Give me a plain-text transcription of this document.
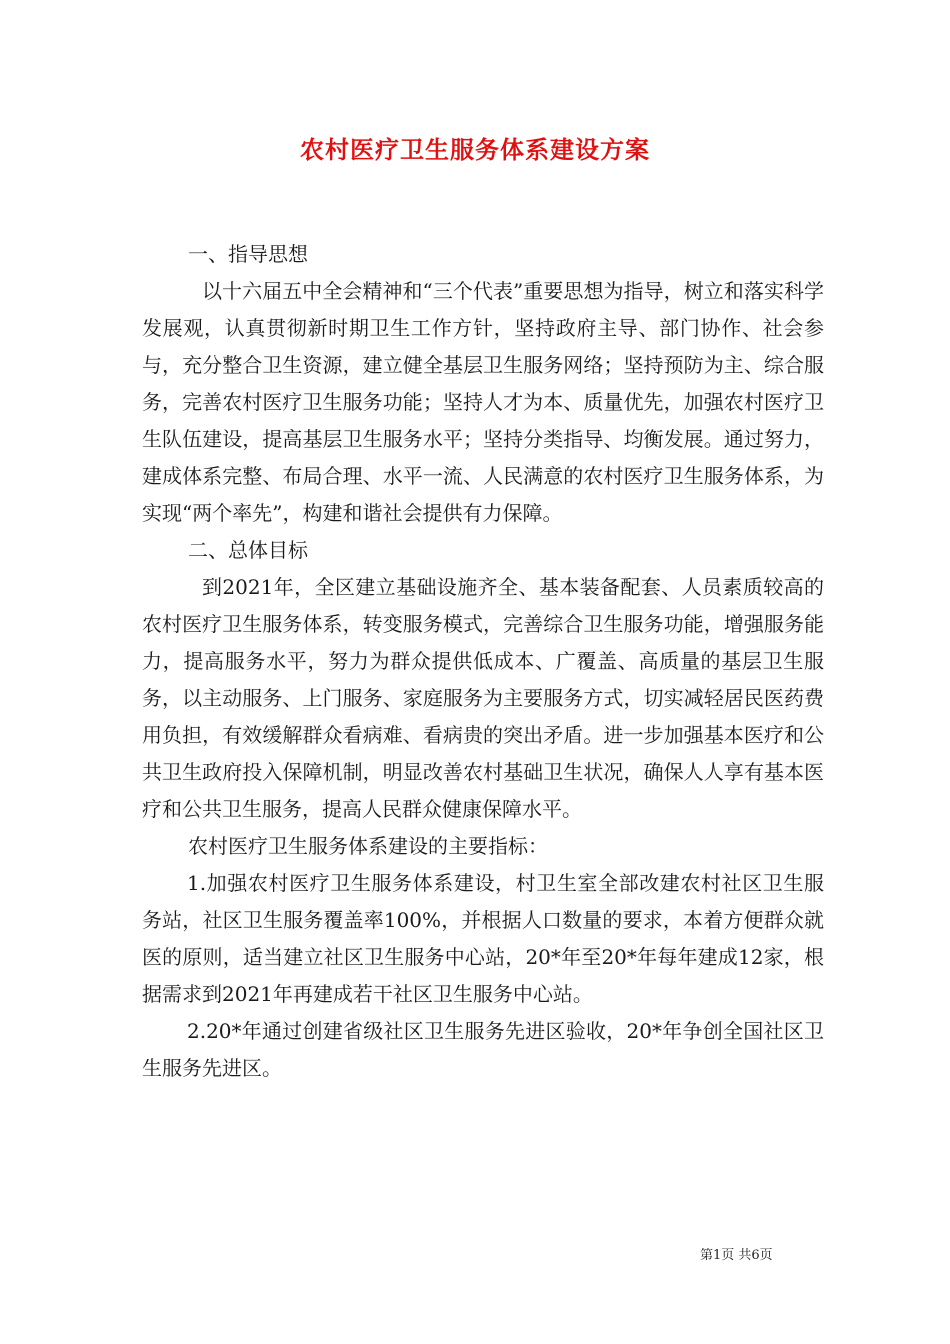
农村医疗卫生服务体系建设方案

一、指导思想

以十六届五中全会精神和“三个代表”重要思想为指导，树立和落实科学发展观，认真贯彻新时期卫生工作方针，坚持政府主导、部门协作、社会参与，充分整合卫生资源，建立健全基层卫生服务网络；坚持预防为主、综合服务，完善农村医疗卫生服务功能；坚持人才为本、质量优先，加强农村医疗卫生队伍建设，提高基层卫生服务水平；坚持分类指导、均衡发展。通过努力，建成体系完整、布局合理、水平一流、人民满意的农村医疗卫生服务体系，为实现“两个率先”，构建和谐社会提供有力保障。

二、总体目标

到2021年，全区建立基础设施齐全、基本装备配套、人员素质较高的农村医疗卫生服务体系，转变服务模式，完善综合卫生服务功能，增强服务能力，提高服务水平，努力为群众提供低成本、广覆盖、高质量的基层卫生服务，以主动服务、上门服务、家庭服务为主要服务方式，切实减轻居民医药费用负担，有效缓解群众看病难、看病贵的突出矛盾。进一步加强基本医疗和公共卫生政府投入保障机制，明显改善农村基础卫生状况，确保人人享有基本医疗和公共卫生服务，提高人民群众健康保障水平。

农村医疗卫生服务体系建设的主要指标：

1.加强农村医疗卫生服务体系建设，村卫生室全部改建农村社区卫生服务站，社区卫生服务覆盖率100%，并根据人口数量的要求，本着方便群众就医的原则，适当建立社区卫生服务中心站，20*年至20*年每年建成12家，根据需求到2021年再建成若干社区卫生服务中心站。

2.20*年通过创建省级社区卫生服务先进区验收，20*年争创全国社区卫生服务先进区。

第1页 共6页
